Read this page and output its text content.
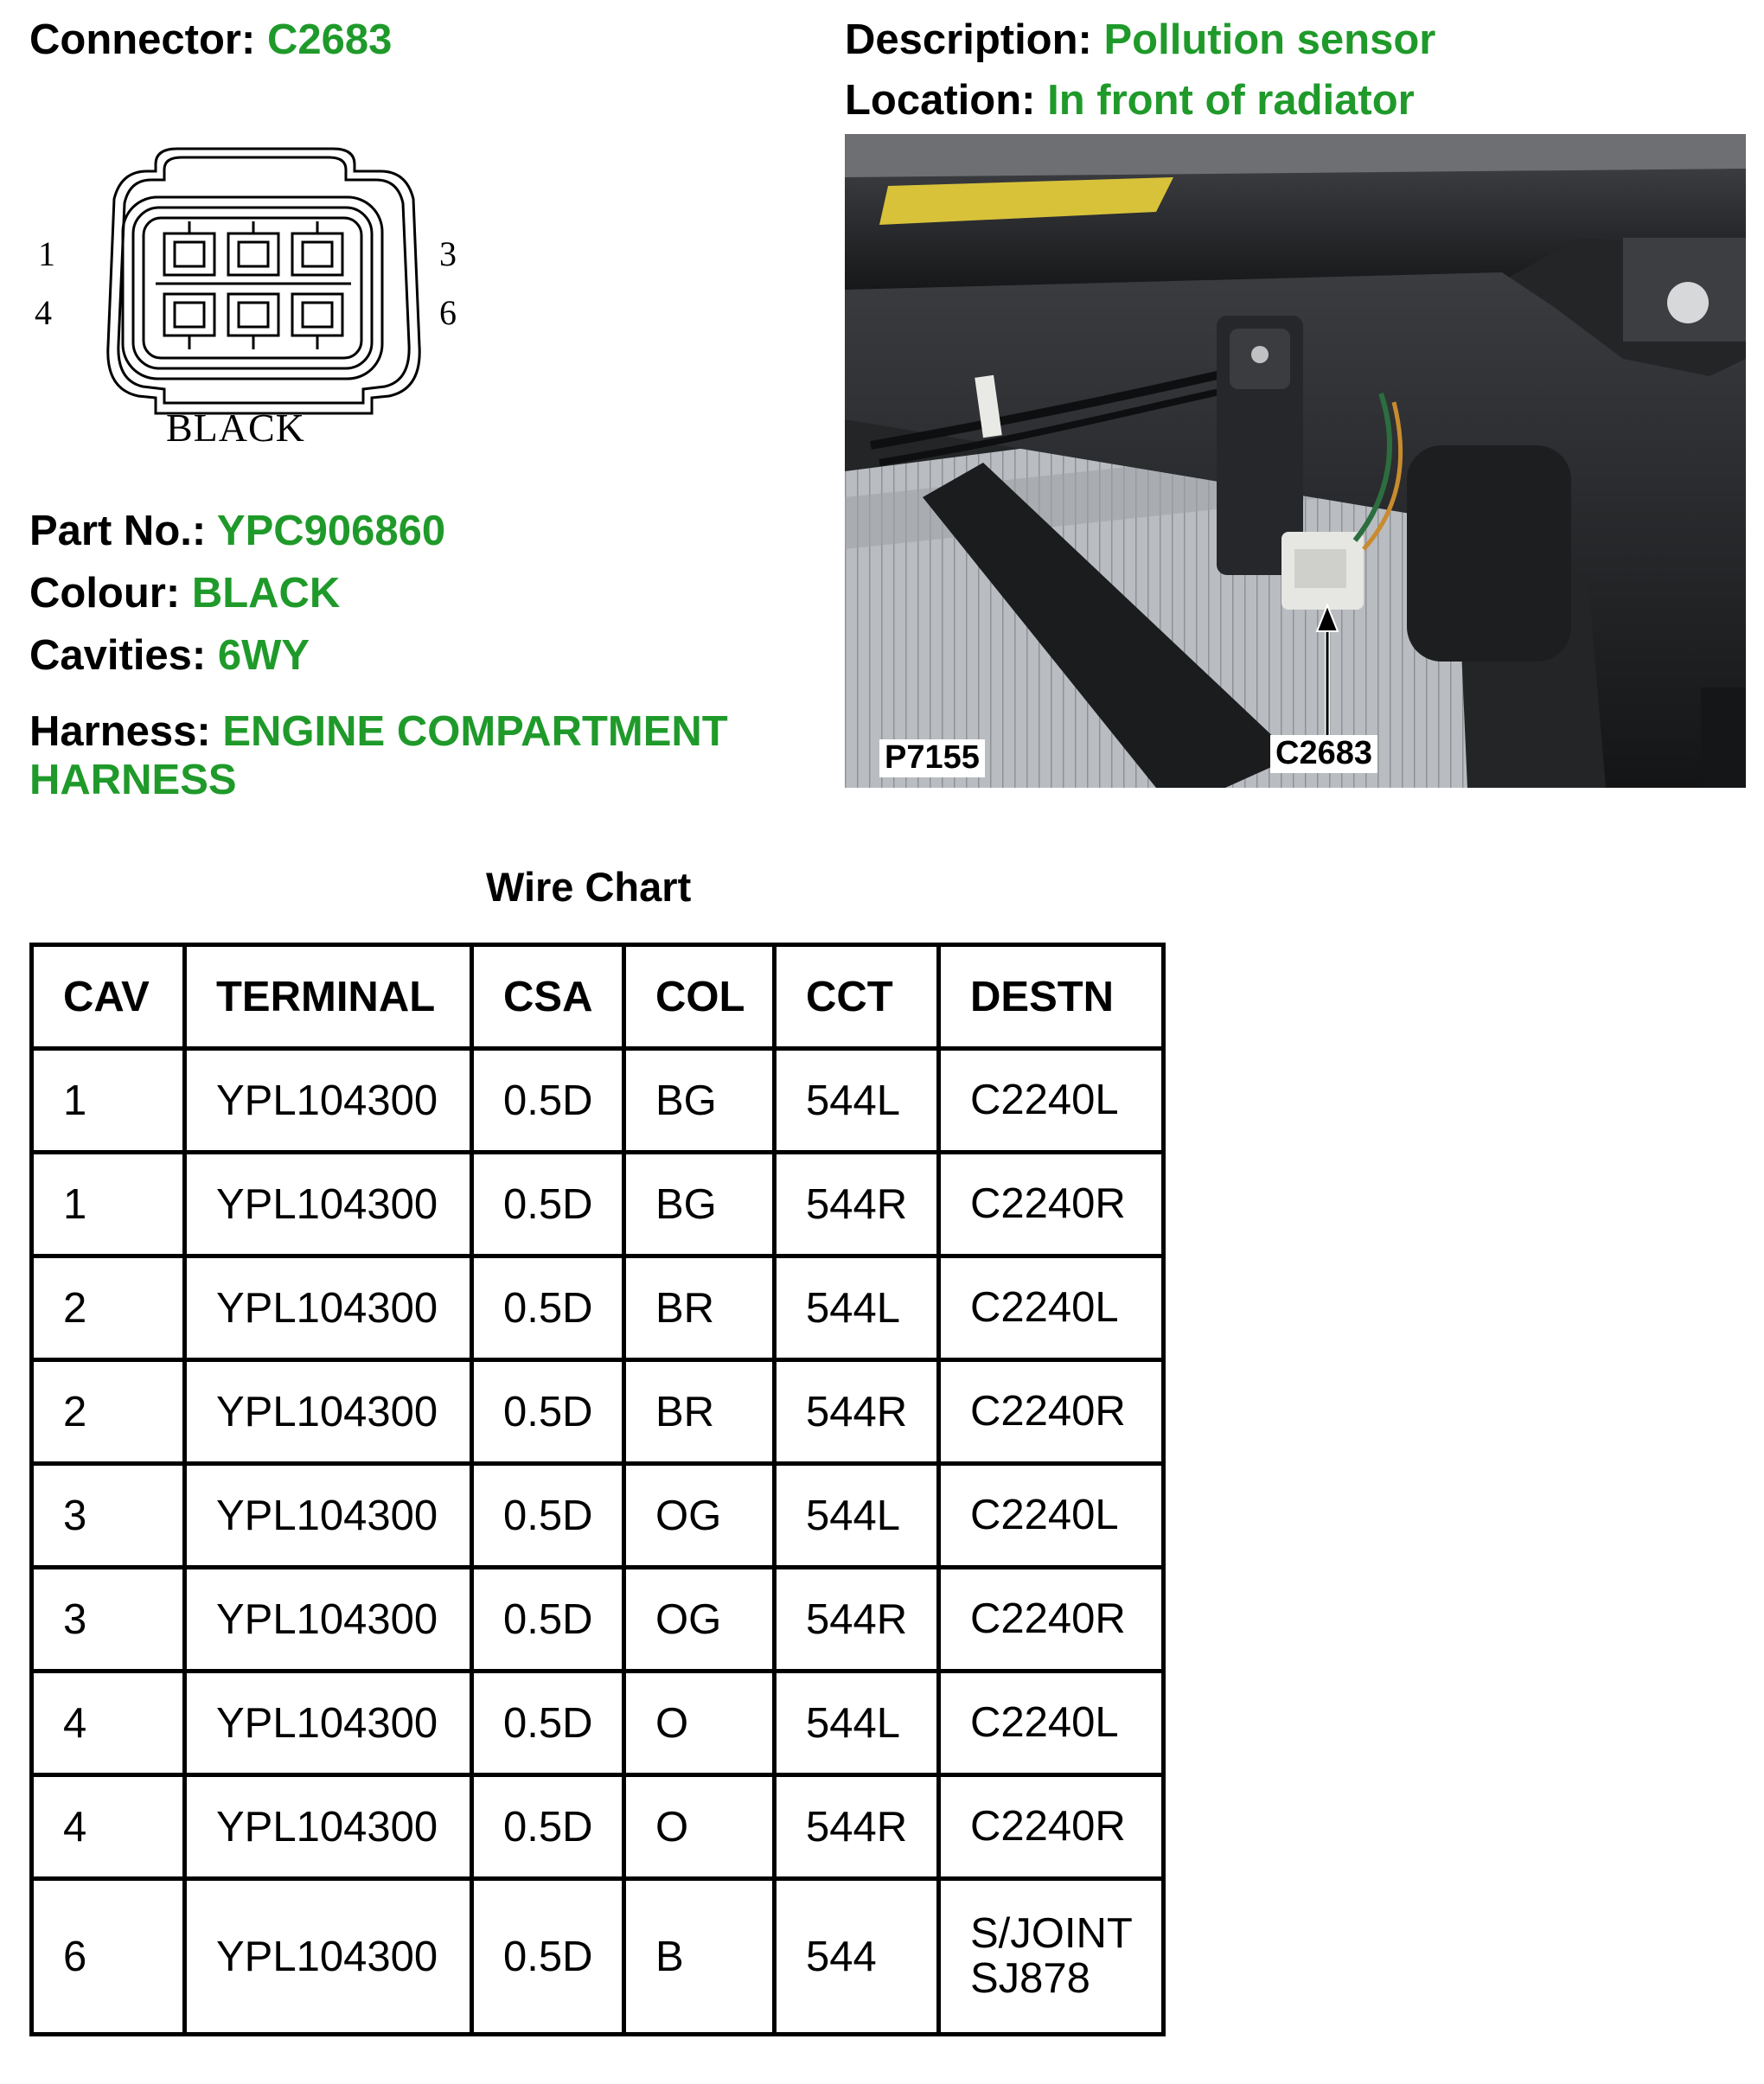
Connector: C2683	Description: Pollution sensor
Location: In front of radiator
1	3
4	6
BLACK
Part No.: YPC906860
Colour: BLACK
Cavities: 6WY
Harness: ENGINE COMPARTMENT
HARNESS	P7155	C2683
Wire Chart
CAV	TERMINAL	CSA	COL	CCT	DESTN
1	YPL104300	0.5D	BG	544L	C2240L

1	YPL104300	0.5D	BG	544R	C2240R

2	YPL104300	0.5D	BR	544L	C2240L

2	YPL104300	0.5D	BR	544R	C2240R

3	YPL104300	0.5D	OG	544L	C2240L

3	YPL104300	0.5D	OG	544R	C2240R

4	YPL104300	0.5D	O	544L	C2240L

4	YPL104300	0.5D	O	544R	C2240R

6	YPL104300	0.5D	B	544	S/JOINT
SJ878
